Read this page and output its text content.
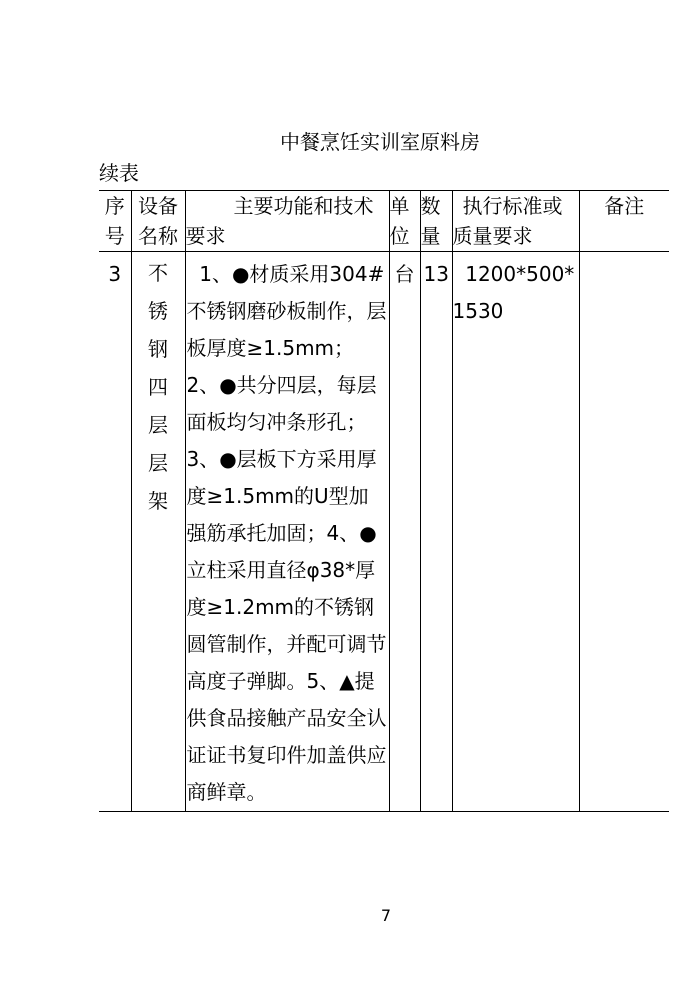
中餐烹饪实训室原料房
续表
序号	设备名称	主要功能和技术要求	单位	数量	执行标准或质量要求	备注
3	不锈钢四层层架	1、●材质采用304#不锈钢磨砂板制作，层板厚度≥1.5mm；2、●共分四层，每层面板均匀冲条形孔；3、●层板下方采用厚度≥1.5mm的U型加强筋承托加固；4、●立柱采用直径φ38*厚度≥1.2mm的不锈钢圆管制作，并配可调节高度子弹脚。5、▲提供食品接触产品安全认证证书复印件加盖供应商鲜章。	台	13	1200*500*1530	
7
